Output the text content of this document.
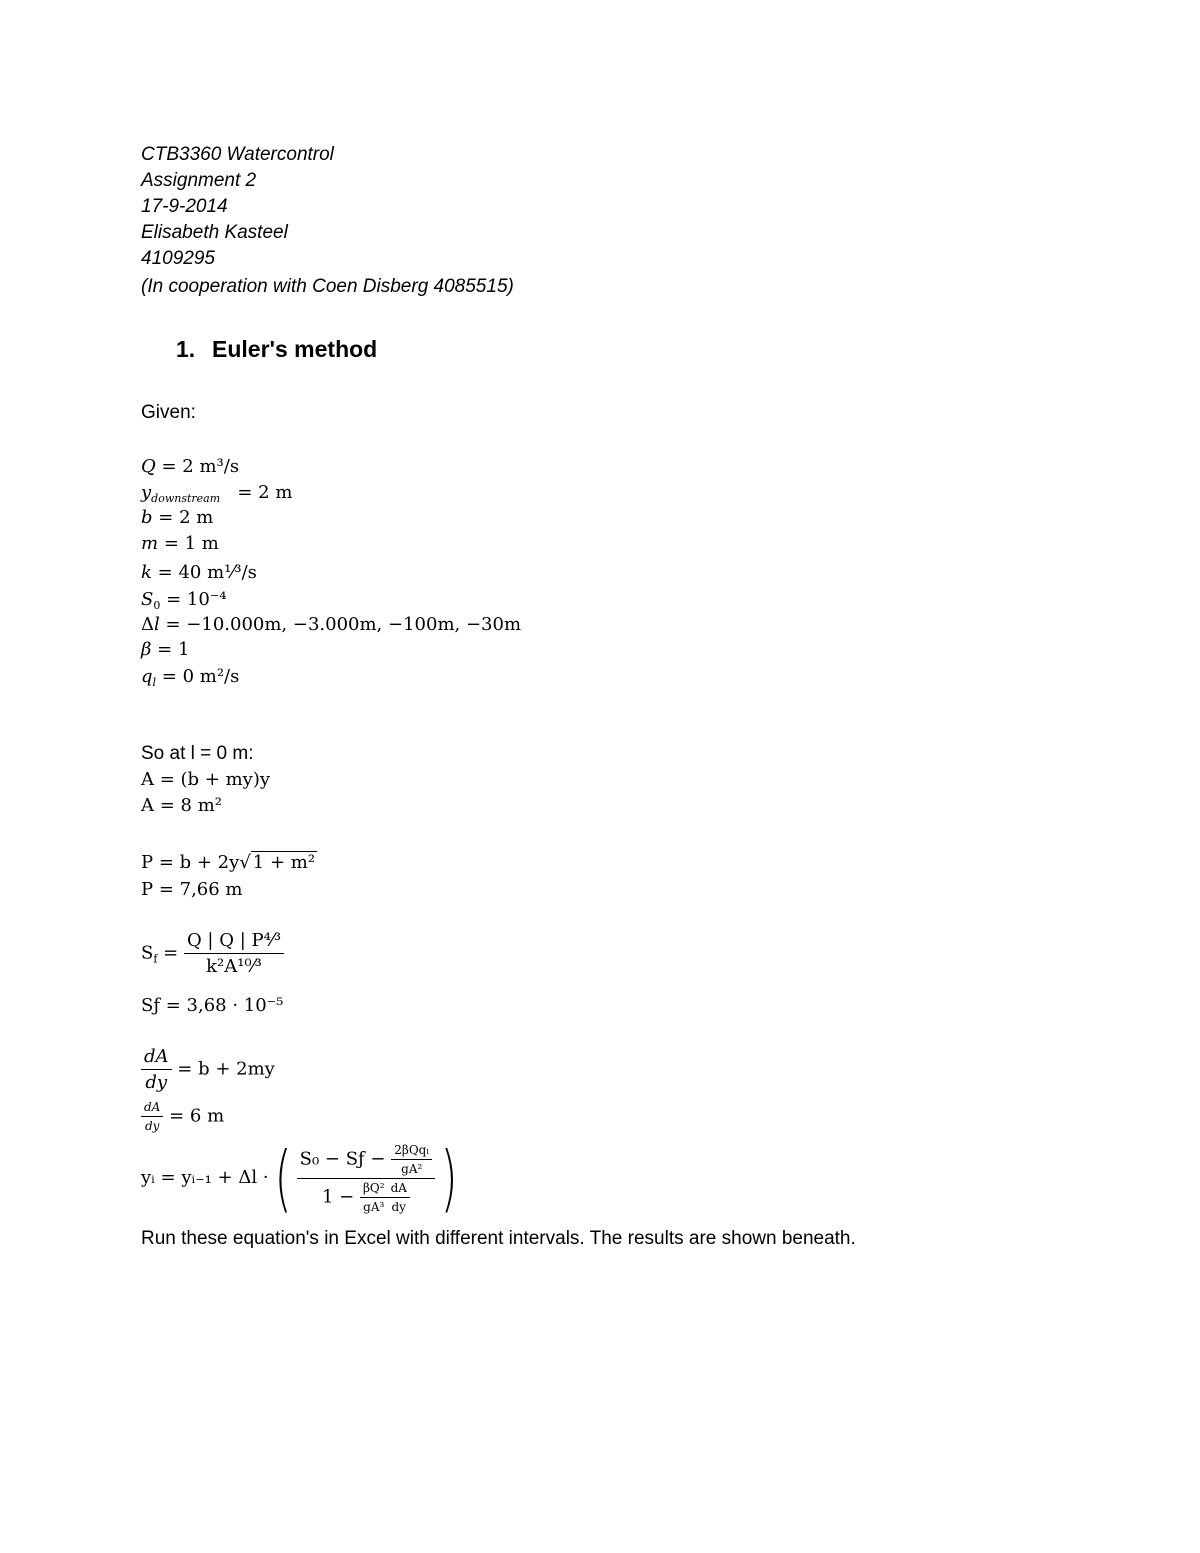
CTB3360 Watercontrol
Assignment 2
17-9-2014
Elisabeth Kasteel
4109295
(In cooperation with Coen Disberg 4085515)
1. Euler's method
Given:
Q = 2 m³/s
$y_{downstream} = 2$ m
b = 2 m
m = 1 m
k = 40 m¹⁄³/s
$S_0 = 10^{-4}$
Δl = −10.000m, −3.000m, −100m, −30m
β = 1
$q_l = 0$ m²/s
So at l = 0 m:
A = (b + my)y
A = 8 m²
P = b + 2y√ 1 + m²
P = 7,66 m
$S_f = \frac{\text{Q | Q | P⁴⁄³}}{\text{k²A¹⁰⁄³}}$
Sƒ = 3,68 · 10⁻⁵
$\frac{dA}{dy} = b + 2my$
$\frac{dA}{dy} = 6$ m
yᵢ = yᵢ₋₁ + Δl ·( $\frac{S_0 - Sƒ - \frac{\text{2βQqₗ}}{\text{gA²}}}{1 - \frac{\text{βQ²}}{\text{gA³}} \frac{dA}{dy}}$ )
Run these equation's in Excel with different intervals. The results are shown beneath.
